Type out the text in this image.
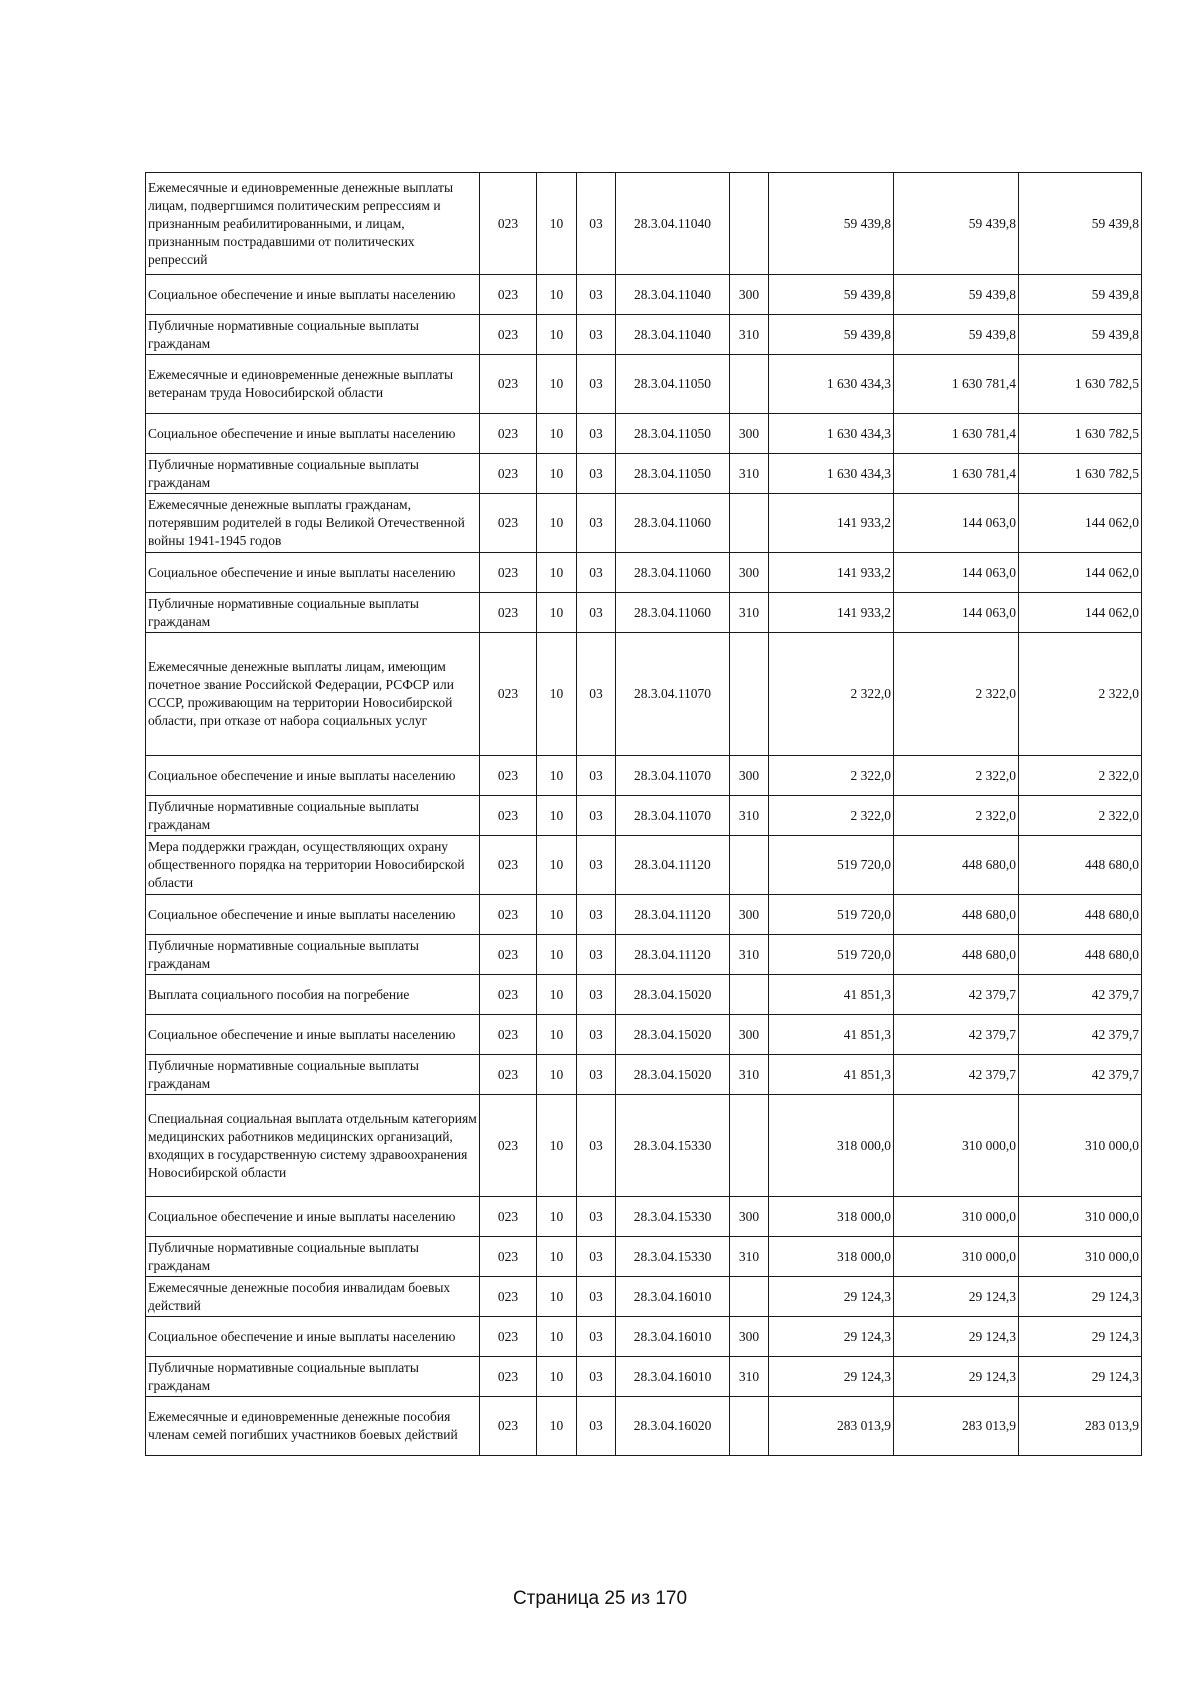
Ежемесячные и единовременные денежные выплаты лицам, подвергшимся политическим репрессиям и признанным реабилитированными, и лицам, признанным пострадавшими от политических репрессий	023	10	03	28.3.04.11040		59 439,8	59 439,8	59 439,8
Социальное обеспечение и иные выплаты населению	023	10	03	28.3.04.11040	300	59 439,8	59 439,8	59 439,8
Публичные нормативные социальные выплаты гражданам	023	10	03	28.3.04.11040	310	59 439,8	59 439,8	59 439,8
Ежемесячные и единовременные денежные выплаты ветеранам труда Новосибирской области	023	10	03	28.3.04.11050		1 630 434,3	1 630 781,4	1 630 782,5
Социальное обеспечение и иные выплаты населению	023	10	03	28.3.04.11050	300	1 630 434,3	1 630 781,4	1 630 782,5
Публичные нормативные социальные выплаты гражданам	023	10	03	28.3.04.11050	310	1 630 434,3	1 630 781,4	1 630 782,5
Ежемесячные денежные выплаты гражданам, потерявшим родителей в годы Великой Отечественной войны 1941-1945 годов	023	10	03	28.3.04.11060		141 933,2	144 063,0	144 062,0
Социальное обеспечение и иные выплаты населению	023	10	03	28.3.04.11060	300	141 933,2	144 063,0	144 062,0
Публичные нормативные социальные выплаты гражданам	023	10	03	28.3.04.11060	310	141 933,2	144 063,0	144 062,0
Ежемесячные денежные выплаты лицам, имеющим почетное звание Российской Федерации, РСФСР или СССР, проживающим на территории Новосибирской области, при отказе от набора социальных услуг	023	10	03	28.3.04.11070		2 322,0	2 322,0	2 322,0
Социальное обеспечение и иные выплаты населению	023	10	03	28.3.04.11070	300	2 322,0	2 322,0	2 322,0
Публичные нормативные социальные выплаты гражданам	023	10	03	28.3.04.11070	310	2 322,0	2 322,0	2 322,0
Мера поддержки граждан, осуществляющих охрану общественного порядка на территории Новосибирской области	023	10	03	28.3.04.11120		519 720,0	448 680,0	448 680,0
Социальное обеспечение и иные выплаты населению	023	10	03	28.3.04.11120	300	519 720,0	448 680,0	448 680,0
Публичные нормативные социальные выплаты гражданам	023	10	03	28.3.04.11120	310	519 720,0	448 680,0	448 680,0
Выплата социального пособия на погребение	023	10	03	28.3.04.15020		41 851,3	42 379,7	42 379,7
Социальное обеспечение и иные выплаты населению	023	10	03	28.3.04.15020	300	41 851,3	42 379,7	42 379,7
Публичные нормативные социальные выплаты гражданам	023	10	03	28.3.04.15020	310	41 851,3	42 379,7	42 379,7
Специальная социальная выплата отдельным категориям медицинских работников медицинских организаций, входящих в государственную систему здравоохранения Новосибирской области	023	10	03	28.3.04.15330		318 000,0	310 000,0	310 000,0
Социальное обеспечение и иные выплаты населению	023	10	03	28.3.04.15330	300	318 000,0	310 000,0	310 000,0
Публичные нормативные социальные выплаты гражданам	023	10	03	28.3.04.15330	310	318 000,0	310 000,0	310 000,0
Ежемесячные денежные пособия инвалидам боевых действий	023	10	03	28.3.04.16010		29 124,3	29 124,3	29 124,3
Социальное обеспечение и иные выплаты населению	023	10	03	28.3.04.16010	300	29 124,3	29 124,3	29 124,3
Публичные нормативные социальные выплаты гражданам	023	10	03	28.3.04.16010	310	29 124,3	29 124,3	29 124,3
Ежемесячные и единовременные денежные пособия членам семей погибших участников боевых действий	023	10	03	28.3.04.16020		283 013,9	283 013,9	283 013,9
Страница 25 из 170
